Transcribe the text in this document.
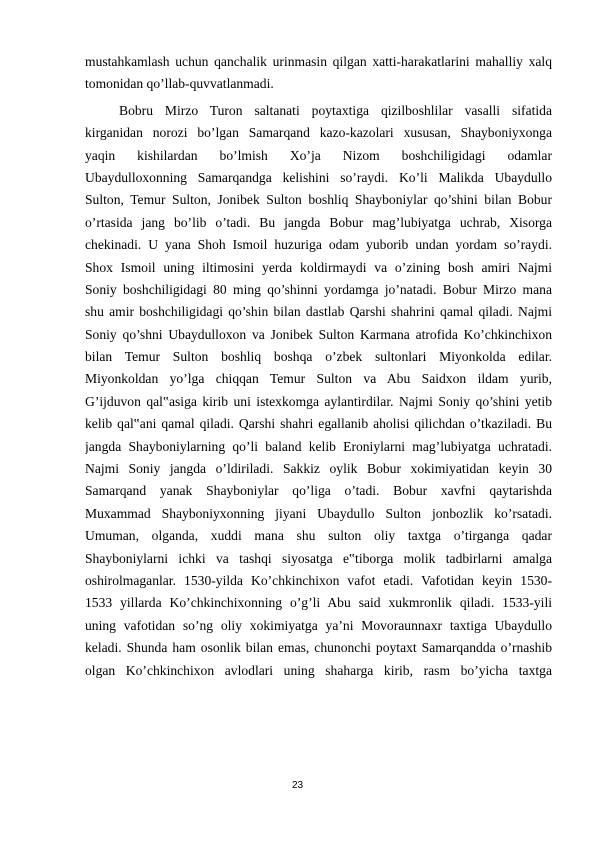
mustahkamlash uchun qanchalik urinmasin qilgan xatti-harakatlarini mahalliy xalq
tomonidan qo’llab-quvvatlanmadi.
Bobru Mirzo Turon saltanati poytaxtiga qizilboshlilar vasalli sifatida
kirganidan norozi bo’lgan Samarqand kazo-kazolari xususan, Shayboniyxonga
yaqin kishilardan bo’lmish Xo’ja Nizom boshchiligidagi odamlar
Ubaydulloxonning Samarqandga kelishini so’raydi. Ko’li Malikda Ubaydullo
Sulton, Temur Sulton, Jonibek Sulton boshliq Shayboniylar qo’shini bilan Bobur
o’rtasida jang bo’lib o’tadi. Bu jangda Bobur mag’lubiyatga uchrab, Xisorga
chekinadi. U yana Shoh Ismoil huzuriga odam yuborib undan yordam so’raydi.
Shox Ismoil uning iltimosini yerda koldirmaydi va o’zining bosh amiri Najmi
Soniy boshchiligidagi 80 ming qo’shinni yordamga jo’natadi. Bobur Mirzo mana
shu amir boshchiligidagi qo’shin bilan dastlab Qarshi shahrini qamal qiladi. Najmi
Soniy qo’shni Ubaydulloxon va Jonibek Sulton Karmana atrofida Ko’chkinchixon
bilan Temur Sulton boshliq boshqa o’zbek sultonlari Miyonkolda edilar.
Miyonkoldan yo’lga chiqqan Temur Sulton va Abu Saidxon ildam yurib,
G’ijduvon qal‟asiga kirib uni istexkomga aylantirdilar. Najmi Soniy qo’shini yetib
kelib qal‟ani qamal qiladi. Qarshi shahri egallanib aholisi qilichdan o’tkaziladi. Bu
jangda Shayboniylarning qo’li baland kelib Eroniylarni mag’lubiyatga uchratadi.
Najmi Soniy jangda o’ldiriladi. Sakkiz oylik Bobur xokimiyatidan keyin 30
Samarqand yanak Shayboniylar qo’liga o’tadi. Bobur xavfni qaytarishda
Muxammad Shayboniyxonning jiyani Ubaydullo Sulton jonbozlik ko’rsatadi.
Umuman, olganda, xuddi mana shu sulton oliy taxtga o’tirganga qadar
Shayboniylarni ichki va tashqi siyosatga e‟tiborga molik tadbirlarni amalga
oshirolmaganlar. 1530-yilda Ko’chkinchixon vafot etadi. Vafotidan keyin 1530-
1533 yillarda Ko’chkinchixonning o’g’li Abu said xukmronlik qiladi. 1533-yili
uning vafotidan so’ng oliy xokimiyatga ya’ni Movoraunnaxr taxtiga Ubaydullo
keladi. Shunda ham osonlik bilan emas, chunonchi poytaxt Samarqandda o’rnashib
olgan Ko’chkinchixon avlodlari uning shaharga kirib, rasm bo’yicha taxtga
23
